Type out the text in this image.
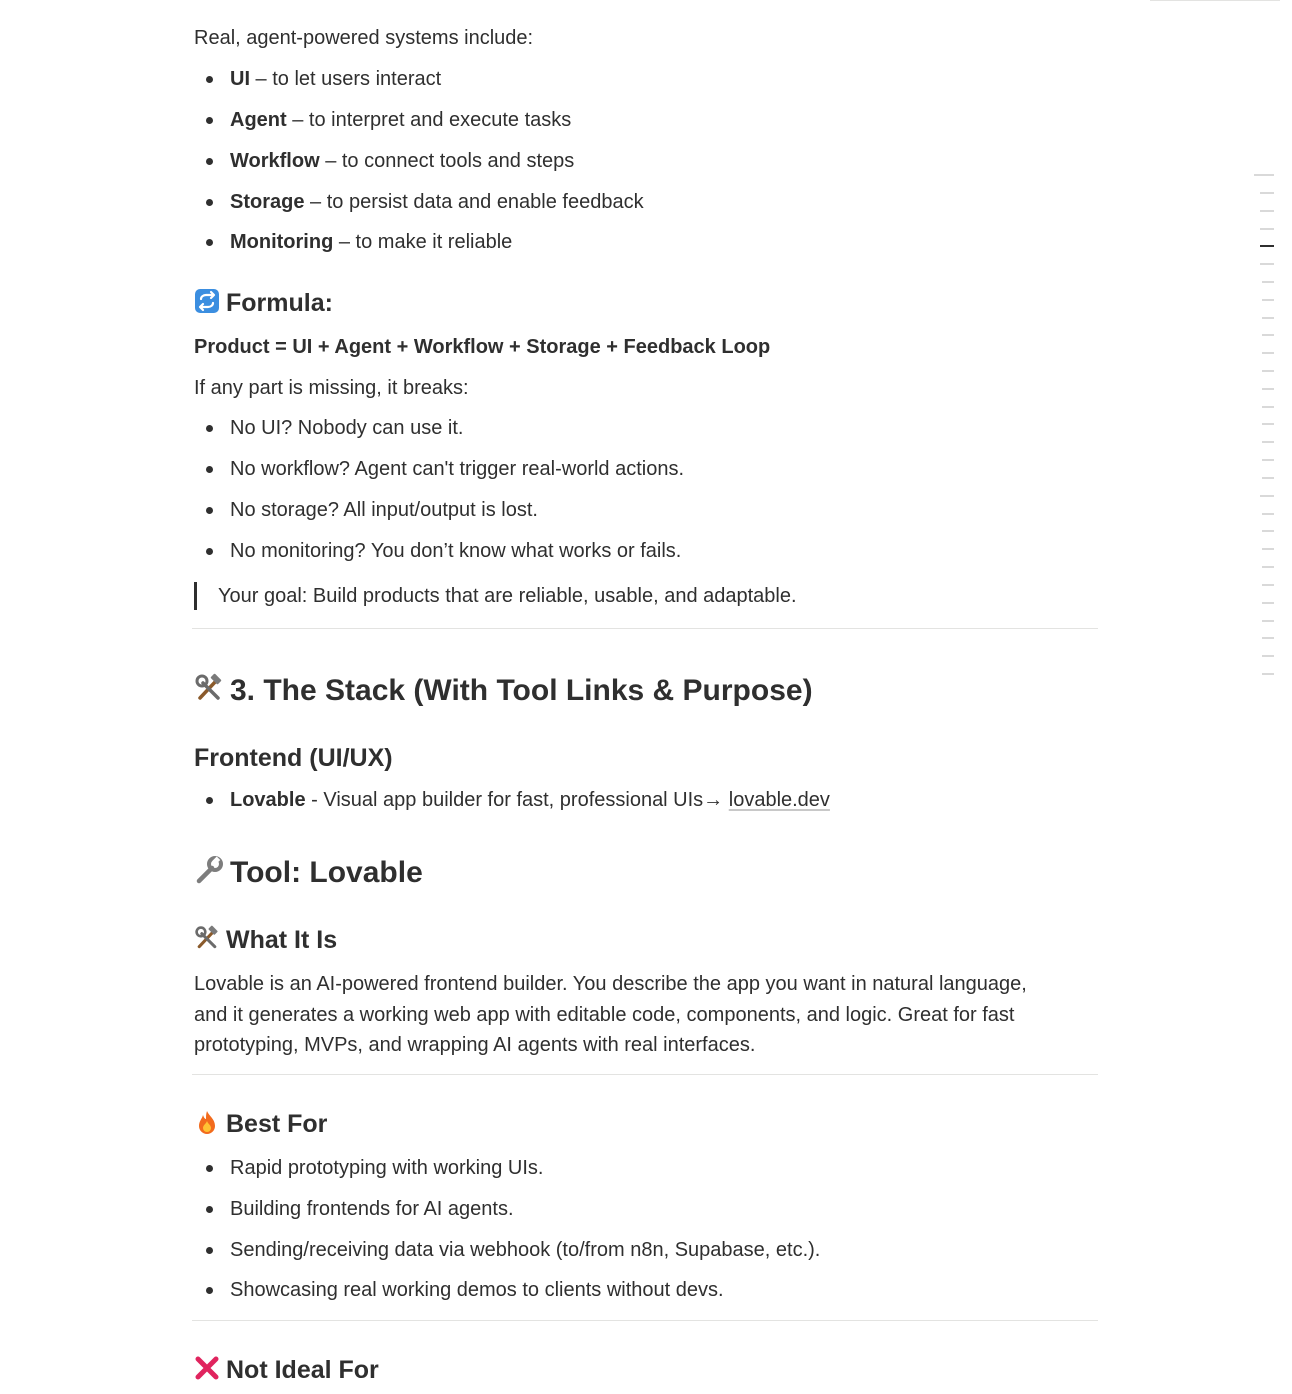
Real, agent-powered systems include:
UI – to let users interact
Agent – to interpret and execute tasks
Workflow – to connect tools and steps
Storage – to persist data and enable feedback
Monitoring – to make it reliable
Formula:
Product = UI + Agent + Workflow + Storage + Feedback Loop
If any part is missing, it breaks:
No UI? Nobody can use it.
No workflow? Agent can't trigger real-world actions.
No storage? All input/output is lost.
No monitoring? You don’t know what works or fails.
Your goal: Build products that are reliable, usable, and adaptable.
3. The Stack (With Tool Links & Purpose)
Frontend (UI/UX)
Lovable - Visual app builder for fast, professional UIs→ lovable.dev
Tool: Lovable
What It Is
Lovable is an AI-powered frontend builder. You describe the app you want in natural language,
and it generates a working web app with editable code, components, and logic. Great for fast
prototyping, MVPs, and wrapping AI agents with real interfaces.
Best For
Rapid prototyping with working UIs.
Building frontends for AI agents.
Sending/receiving data via webhook (to/from n8n, Supabase, etc.).
Showcasing real working demos to clients without devs.
Not Ideal For
